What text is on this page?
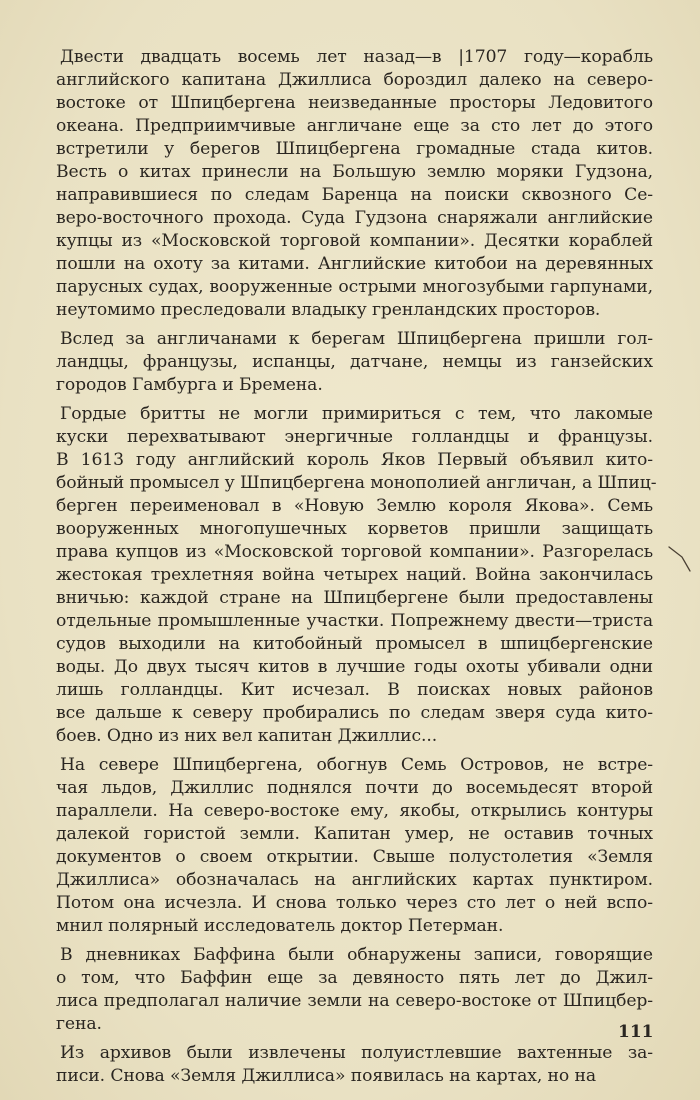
Двести двадцать восемь лет назад—в |1707 году—корабль
английского капитана Джиллиса бороздил далеко на северо-
востоке от Шпицбергена неизведанные просторы Ледовитого
океана. Предприимчивые англичане еще за сто лет до этого
встретили у берегов Шпицбергена громадные стада китов.
Весть о китах принесли на Большую землю моряки Гудзона,
направившиеся по следам Баренца на поиски сквозного Се-
веро-восточного прохода. Суда Гудзона снаряжали английские
купцы из «Московской торговой компании». Десятки кораблей
пошли на охоту за китами. Английские китобои на деревянных
парусных судах, вооруженные острыми многозубыми гарпунами,
неутомимо преследовали владыку гренландских просторов.
Вслед за англичанами к берегам Шпицбергена пришли гол-
ландцы, французы, испанцы, датчане, немцы из ганзейских
городов Гамбурга и Бремена.
Гордые бритты не могли примириться с тем, что лакомые
куски перехватывают энергичные голландцы и французы.
В 1613 году английский король Яков Первый объявил кито-
бойный промысел у Шпицбергена монополией англичан, а Шпиц-
берген переименовал в «Новую Землю короля Якова». Семь
вооруженных многопушечных корветов пришли защищать
права купцов из «Московской торговой компании». Разгорелась
жестокая трехлетняя война четырех наций. Война закончилась
вничью: каждой стране на Шпицбергене были предоставлены
отдельные промышленные участки. Попрежнему двести—триста
судов выходили на китобойный промысел в шпицбергенские
воды. До двух тысяч китов в лучшие годы охоты убивали одни
лишь голландцы. Кит исчезал. В поисках новых районов
все дальше к северу пробирались по следам зверя суда кито-
боев. Одно из них вел капитан Джиллис...
На севере Шпицбергена, обогнув Семь Островов, не встре-
чая льдов, Джиллис поднялся почти до восемьдесят второй
параллели. На северо-востоке ему, якобы, открылись контуры
далекой гористой земли. Капитан умер, не оставив точных
документов о своем открытии. Свыше полустолетия «Земля
Джиллиса» обозначалась на английских картах пунктиром.
Потом она исчезла. И снова только через сто лет о ней вспо-
мнил полярный исследователь доктор Петерман.
В дневниках Баффина были обнаружены записи, говорящие
о том, что Баффин еще за девяносто пять лет до Джил-
лиса предполагал наличие земли на северо-востоке от Шпицбер-
гена.
Из архивов были извлечены полуистлевшие вахтенные за-
писи. Снова «Земля Джиллиса» появилась на картах, но на
111
